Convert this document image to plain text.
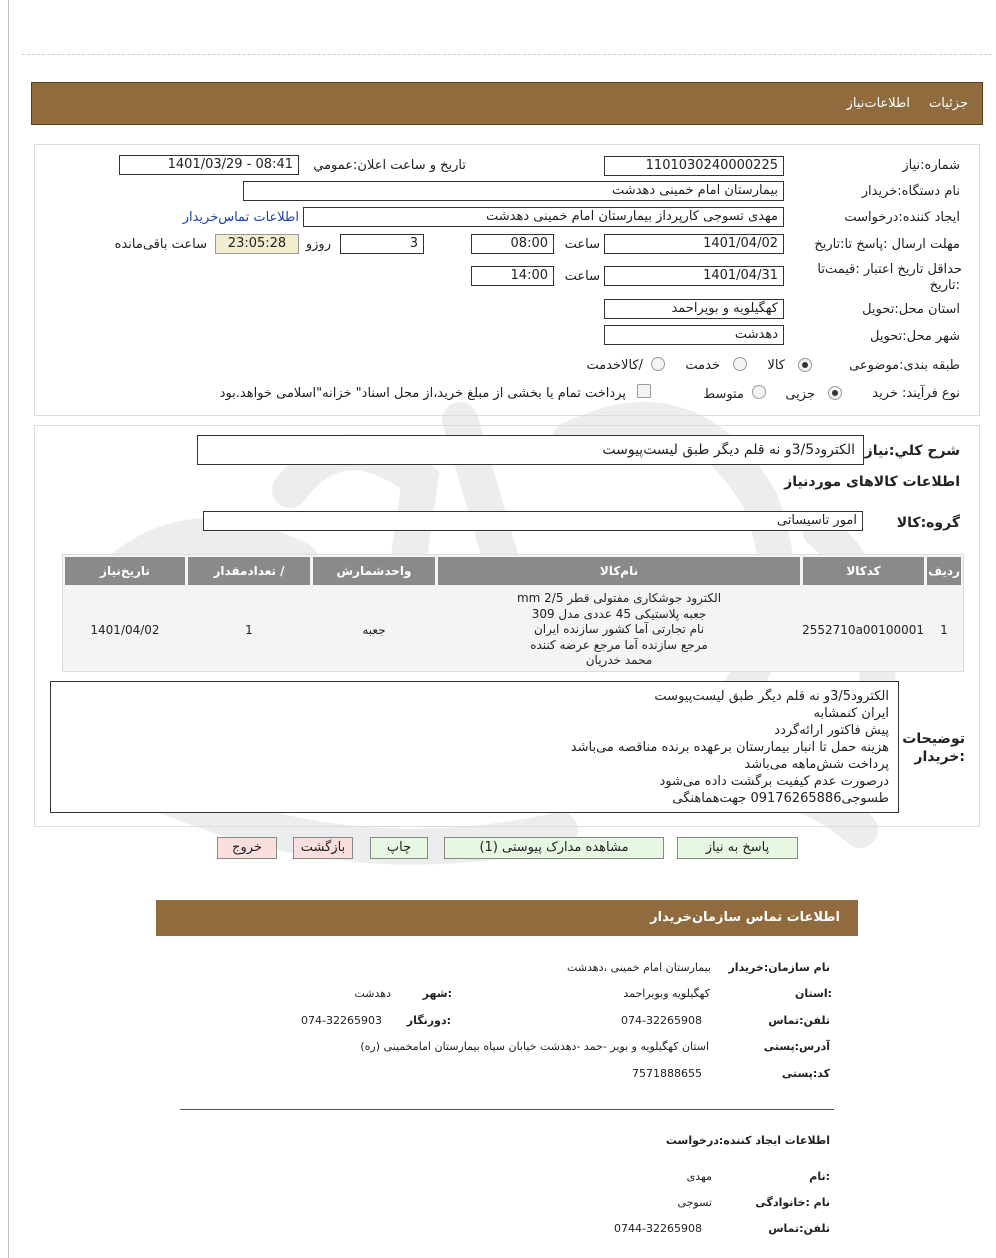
جزئیات
اطلاعات‌نیاز
شماره:نیاز
1101030240000225
تاریخ و ساعت اعلان:عمومي
1401/03/29 - 08:41
نام دستگاه:خریدار
بیمارستان امام خمینی دهدشت
ایجاد کننده:درخواست
مهدی تسوجی کارپرداز بیمارستان امام خمینی دهدشت
اطلاعات تماس‌خریدار
مهلت ارسال :پاسخ تا:تاریخ
1401/04/02
ساعت
08:00
3
روزو
23:05:28
ساعت باقی‌مانده
حداقل تاریخ اعتبار :قیمت‌تا
:تاریخ
1401/04/31
ساعت
14:00
استان محل:تحویل
کهگیلویه و بویراحمد
شهر محل:تحویل
دهدشت
طبقه بندی:موضوعی
کالا
خدمت
/کالاخدمت
نوع فرآیند: خرید
جزیی
متوسط
پرداخت تمام یا بخشی از مبلغ خرید،از محل اسناد" خزانه"اسلامی خواهد.بود
شرح کلي:نیاز
الکترود3/5و نه قلم دیگر طبق لیست‌پیوست
اطلاعات کالاهای موردنیاز
گروه:کالا
امور تاسیساتی
ردیف
کدکالا
نام‌کالا
واحدشمارش
/ تعدادمقدار
تاریخ‌نیاز
1
2552710a00100001
الکترود جوشکاری مفتولی قطر 2/5 mm
جعبه پلاستیکی 45 عددی مدل 309
نام تجارتی آما کشور سازنده ایران
مرجع سازنده آما مرجع عرضه کننده
محمد خدریان
جعبه
1
1401/04/02
توضیحات
:خریدار
الکترود3/5و نه قلم دیگر طبق لیست‌پیوست
ایران کنمشابه
پیش فاکتور ارائه‌گردد
هزینه حمل تا انبار بیمارستان برعهده برنده مناقصه می‌باشد
پرداخت شش‌ماهه می‌باشد
درصورت عدم کیفیت برگشت داده می‌شود
طسوجی09176265886 جهت‌هماهنگی
پاسخ به نیاز
مشاهده مدارک پیوستی (1)
چاپ
بازگشت
خروج
اطلاعات تماس سازمان‌خریدار
نام سازمان:خریدار
بیمارستان امام خمینی ،دهدشت
:استان
کهگیلویه وبویراحمد
:شهر
دهدشت
تلفن:تماس
074-32265908
:دورنگار
074-32265903
آدرس:پستی
استان کهگیلویه و بویر -حمد -دهدشت خیابان سپاه بیمارستان امامخمینی (ره)
کد:پستی
7571888655
اطلاعات ایجاد کننده:درخواست
:نام
مهدی
نام :خانوادگی
تسوجی
تلفن:تماس
0744-32265908
